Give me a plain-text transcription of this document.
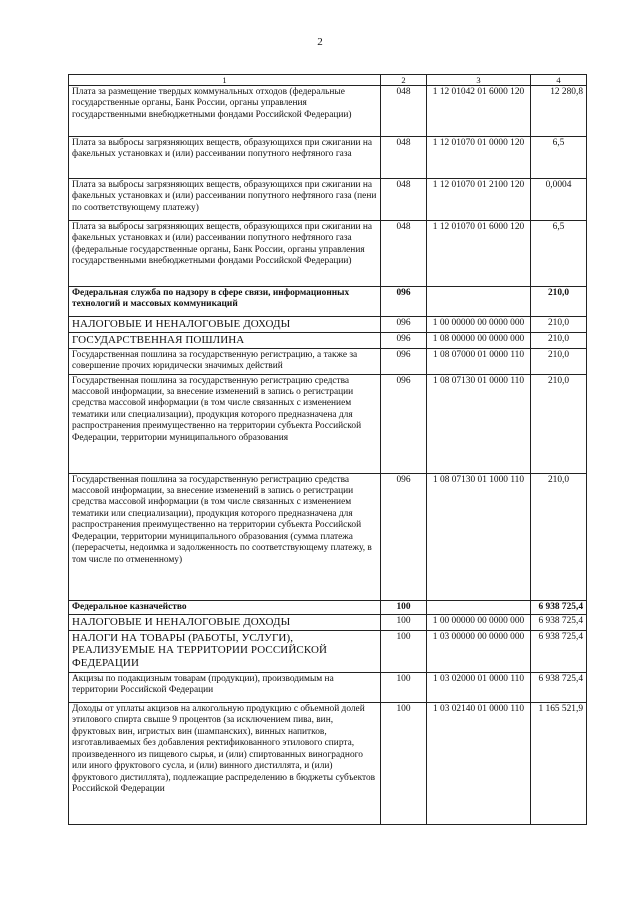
2
1	2	3	4
Плата за размещение твердых коммунальных отходов (федеральные государственные органы, Банк России, органы управления государственными внебюджетными фондами Российской Федерации)	048	1 12 01042 01 6000 120	12 280,8
Плата за выбросы загрязняющих веществ, образующихся при сжигании на факельных установках и (или) рассеивании попутного нефтяного газа	048	1 12 01070 01 0000 120	6,5
Плата за выбросы загрязняющих веществ, образующихся при сжигании на факельных установках и (или) рассеивании попутного нефтяного газа (пени по соответствующему платежу)	048	1 12 01070 01 2100 120	0,0004
Плата за выбросы загрязняющих веществ, образующихся при сжигании на факельных установках и (или) рассеивании попутного нефтяного газа (федеральные государственные органы, Банк России, органы управления государственными внебюджетными фондами Российской Федерации)	048	1 12 01070 01 6000 120	6,5
Федеральная служба по надзору в сфере связи, информационных технологий и массовых коммуникаций	096		210,0
НАЛОГОВЫЕ И НЕНАЛОГОВЫЕ ДОХОДЫ	096	1 00 00000 00 0000 000	210,0
ГОСУДАРСТВЕННАЯ ПОШЛИНА	096	1 08 00000 00 0000 000	210,0
Государственная пошлина за государственную регистрацию, а также за совершение прочих юридически значимых действий	096	1 08 07000 01 0000 110	210,0
Государственная пошлина за государственную регистрацию средства массовой информации, за внесение изменений в запись о регистрации средства массовой информации (в том числе связанных с изменением тематики или специализации), продукция которого предназначена для распространения преимущественно на территории субъекта Российской Федерации, территории муниципального образования	096	1 08 07130 01 0000 110	210,0
Государственная пошлина за государственную регистрацию средства массовой информации, за внесение изменений в запись о регистрации средства массовой информации (в том числе связанных с изменением тематики или специализации), продукция которого предназначена для распространения преимущественно на территории субъекта Российской Федерации, территории муниципального образования (сумма платежа (перерасчеты, недоимка и задолженность по соответствующему платежу, в том числе по отмененному)	096	1 08 07130 01 1000 110	210,0
Федеральное казначейство	100		6 938 725,4
НАЛОГОВЫЕ И НЕНАЛОГОВЫЕ ДОХОДЫ	100	1 00 00000 00 0000 000	6 938 725,4
НАЛОГИ НА ТОВАРЫ (РАБОТЫ, УСЛУГИ), РЕАЛИЗУЕМЫЕ НА ТЕРРИТОРИИ РОССИЙСКОЙ ФЕДЕРАЦИИ	100	1 03 00000 00 0000 000	6 938 725,4
Акцизы по подакцизным товарам (продукции), производимым на территории Российской Федерации	100	1 03 02000 01 0000 110	6 938 725,4
Доходы от уплаты акцизов на алкогольную продукцию с объемной долей этилового спирта свыше 9 процентов (за исключением пива, вин, фруктовых вин, игристых вин (шампанских), винных напитков, изготавливаемых без добавления ректификованного этилового спирта, произведенного из пищевого сырья, и (или) спиртованных виноградного или иного фруктового сусла, и (или) винного дистиллята, и (или) фруктового дистиллята), подлежащие распределению в бюджеты субъектов Российской Федерации	100	1 03 02140 01 0000 110	1 165 521,9
